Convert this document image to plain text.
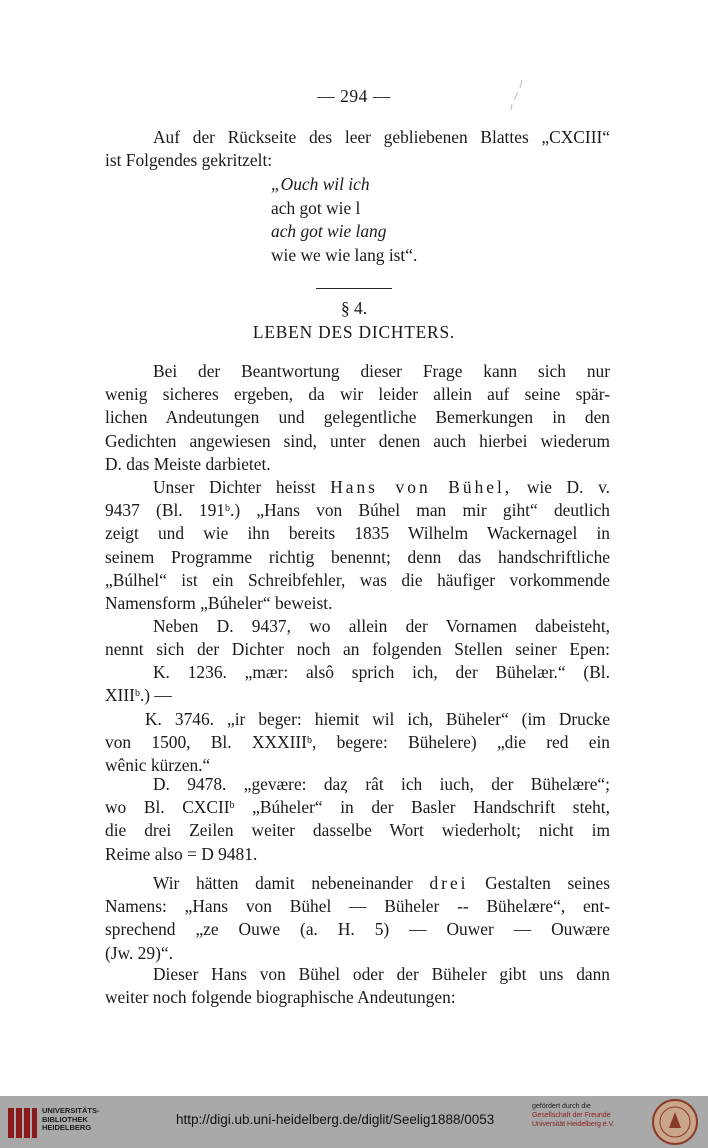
— 294 —
Auf der Rückseite des leer gebliebenen Blattes „CXCIII“
ist Folgendes gekritzelt:
„Ouch wil ich
ach got wie l
ach got wie lang
wie we wie lang ist“.
§ 4.
LEBEN DES DICHTERS.
Bei der Beantwortung dieser Frage kann sich nur
wenig sicheres ergeben, da wir leider allein auf seine spär-
lichen Andeutungen und gelegentliche Bemerkungen in den
Gedichten angewiesen sind, unter denen auch hierbei wiederum
D. das Meiste darbietet.
Unser Dichter heisst Hans von Bühel, wie D. v.
9437 (Bl. 191$^b$.) „Hans von Búhel man mir giht“ deutlich
zeigt und wie ihn bereits 1835 Wilhelm Wackernagel in
seinem Programme richtig benennt; denn das handschriftliche
„Búlhel“ ist ein Schreibfehler, was die häufiger vorkommende
Namensform „Búheler“ beweist.
Neben D. 9437, wo allein der Vornamen dabeisteht,
nennt sich der Dichter noch an folgenden Stellen seiner Epen:
K. 1236. „mær: alsô sprich ich, der Bühelær.“ (Bl.
XIII$^b$.) —
K. 3746. „ir beger: hiemit wil ich, Büheler“ (im Drucke
von 1500, Bl. XXXIII$^b$, begere: Bühelere) „die red ein
wênic kürzen.“
D. 9478. „gevære: daȥ rât ich iuch, der Bühelære“;
wo Bl. CXCII$^b$ „Búheler“ in der Basler Handschrift steht,
die drei Zeilen weiter dasselbe Wort wiederholt; nicht im
Reime also = D 9481.
Wir hätten damit nebeneinander drei Gestalten seines
Namens: „Hans von Bühel — Büheler -- Bühelære“, ent-
sprechend „ze Ouwe (a. H. 5) — Ouwer — Ouwære
(Jw. 29)“.
Dieser Hans von Bühel oder der Büheler gibt uns dann
weiter noch folgende biographische Andeutungen:
UNIVERSITÄTS-
BIBLIOTHEK
HEIDELBERG
http://digi.ub.uni-heidelberg.de/diglit/Seelig1888/0053
gefördert durch die
Gesellschaft der Freunde
Universität Heidelberg e.V.
